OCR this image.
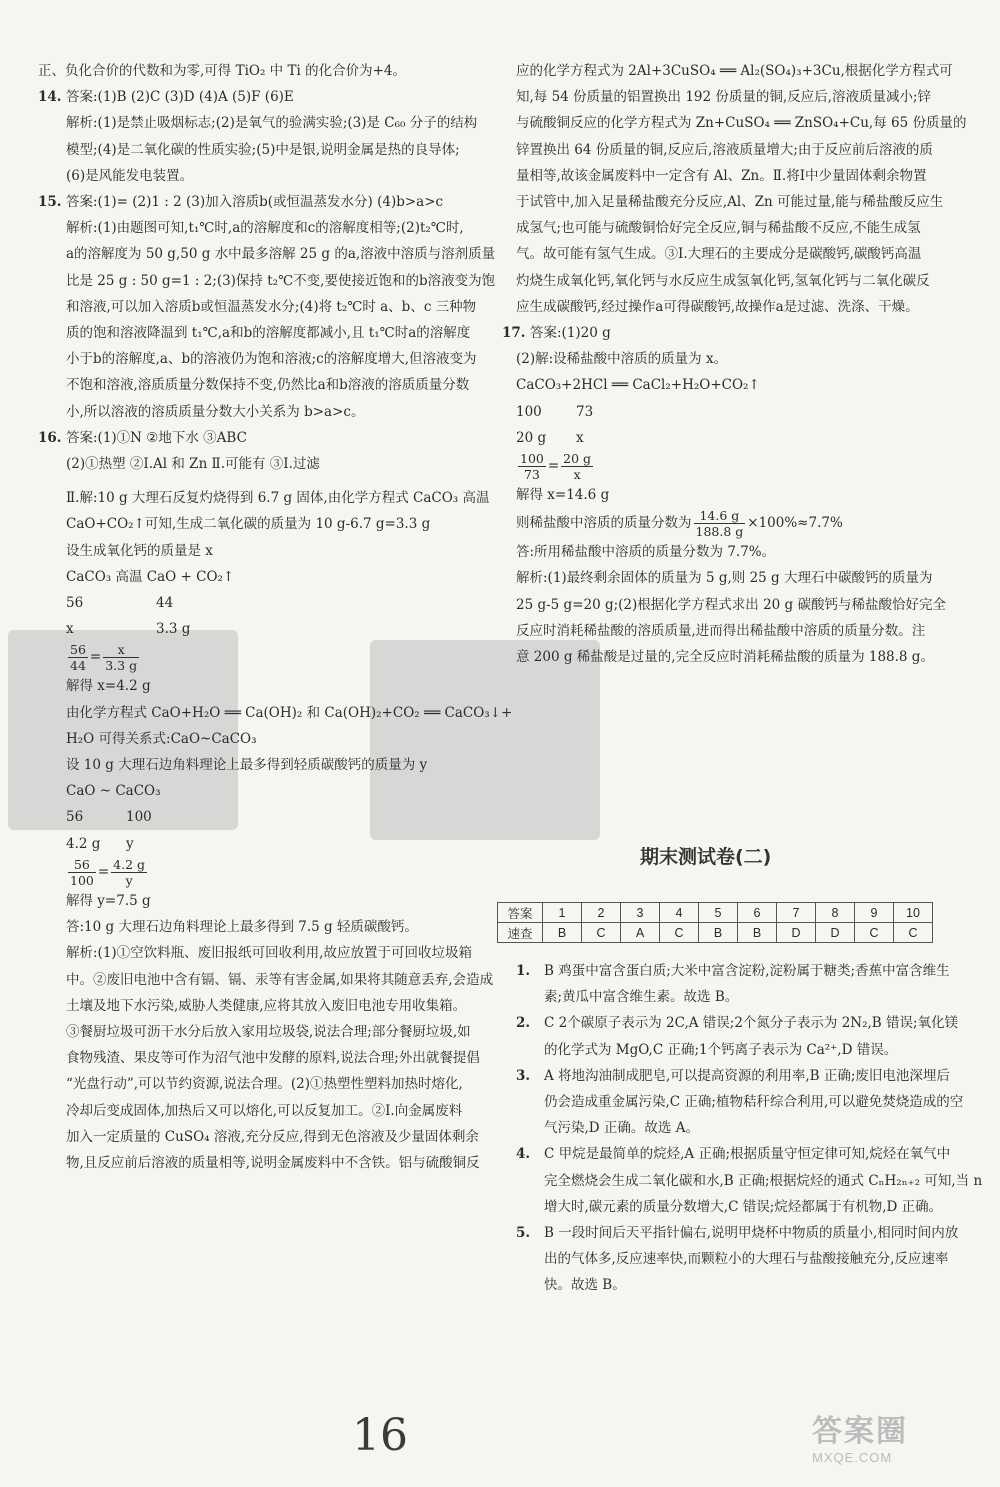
正、负化合价的代数和为零,可得 TiO₂ 中 Ti 的化合价为+4。

14. 答案:(1)B (2)C (3)D (4)A (5)F (6)E

解析:(1)是禁止吸烟标志;(2)是氧气的验满实验;(3)是 C₆₀ 分子的结构

模型;(4)是二氧化碳的性质实验;(5)中是银,说明金属是热的良导体;

(6)是风能发电装置。

15. 答案:(1)= (2)1 : 2 (3)加入溶质b(或恒温蒸发水分) (4)b>a>c

解析:(1)由题图可知,t₁℃时,a的溶解度和c的溶解度相等;(2)t₂℃时,

a的溶解度为 50 g,50 g 水中最多溶解 25 g 的a,溶液中溶质与溶剂质量

比是 25 g : 50 g=1 : 2;(3)保持 t₂℃不变,要使接近饱和的b溶液变为饱

和溶液,可以加入溶质b或恒温蒸发水分;(4)将 t₂℃时 a、b、c 三种物

质的饱和溶液降温到 t₁℃,a和b的溶解度都减小,且 t₁℃时a的溶解度

小于b的溶解度,a、b的溶液仍为饱和溶液;c的溶解度增大,但溶液变为

不饱和溶液,溶质质量分数保持不变,仍然比a和b溶液的溶质质量分数

小,所以溶液的溶质质量分数大小关系为 b>a>c。

16. 答案:(1)①N ②地下水 ③ABC

(2)①热塑 ②Ⅰ.Al 和 Zn Ⅱ.可能有 ③Ⅰ.过滤

Ⅱ.解:10 g 大理石反复灼烧得到 6.7 g 固体,由化学方程式 CaCO₃ 高温

CaO+CO₂↑可知,生成二氧化碳的质量为 10 g-6.7 g=3.3 g

设生成氧化钙的质量是 x

CaCO₃ 高温 CaO + CO₂↑

56	44

x	3.3 g

$\frac{56}{44} = \frac{x}{3.3 g}$

解得 x=4.2 g

由化学方程式 CaO+H₂O ══ Ca(OH)₂ 和 Ca(OH)₂+CO₂ ══ CaCO₃↓+

H₂O 可得关系式:CaO~CaCO₃

设 10 g 大理石边角料理论上最多得到轻质碳酸钙的质量为 y

CaO ~ CaCO₃

56	100

4.2 g y

$\frac{56}{100} = \frac{4.2 g}{y}$

解得 y=7.5 g

答:10 g 大理石边角料理论上最多得到 7.5 g 轻质碳酸钙。

解析:(1)①空饮料瓶、废旧报纸可回收利用,故应放置于可回收垃圾箱

中。②废旧电池中含有镉、镉、汞等有害金属,如果将其随意丢弃,会造成

土壤及地下水污染,威胁人类健康,应将其放入废旧电池专用收集箱。

③餐厨垃圾可沥干水分后放入家用垃圾袋,说法合理;部分餐厨垃圾,如

食物残渣、果皮等可作为沼气池中发酵的原料,说法合理;外出就餐提倡

“光盘行动”,可以节约资源,说法合理。(2)①热塑性塑料加热时熔化,

冷却后变成固体,加热后又可以熔化,可以反复加工。②Ⅰ.向金属废料

加入一定质量的 CuSO₄ 溶液,充分反应,得到无色溶液及少量固体剩余

物,且反应前后溶液的质量相等,说明金属废料中不含铁。铝与硫酸铜反

应的化学方程式为 2Al+3CuSO₄ ══ Al₂(SO₄)₃+3Cu,根据化学方程式可

知,每 54 份质量的铝置换出 192 份质量的铜,反应后,溶液质量减小;锌

与硫酸铜反应的化学方程式为 Zn+CuSO₄ ══ ZnSO₄+Cu,每 65 份质量的

锌置换出 64 份质量的铜,反应后,溶液质量增大;由于反应前后溶液的质

量相等,故该金属废料中一定含有 Al、Zn。Ⅱ.将Ⅰ中少量固体剩余物置

于试管中,加入足量稀盐酸充分反应,Al、Zn 可能过量,能与稀盐酸反应生

成氢气;也可能与硫酸铜恰好完全反应,铜与稀盐酸不反应,不能生成氢

气。故可能有氢气生成。③Ⅰ.大理石的主要成分是碳酸钙,碳酸钙高温

灼烧生成氧化钙,氧化钙与水反应生成氢氧化钙,氢氧化钙与二氧化碳反

应生成碳酸钙,经过操作a可得碳酸钙,故操作a是过滤、洗涤、干燥。

17. 答案:(1)20 g

(2)解:设稀盐酸中溶质的质量为 x。

CaCO₃+2HCl ══ CaCl₂+H₂O+CO₂↑

100	73

20 g x

$\frac{100}{73} = \frac{20 g}{x}$

解得 x=14.6 g

则稀盐酸中溶质的质量分数为 $\frac{14.6 g}{188.8 g} \times 100\%\approx 7.7\%$

答:所用稀盐酸中溶质的质量分数为 7.7%。

解析:(1)最终剩余固体的质量为 5 g,则 25 g 大理石中碳酸钙的质量为

25 g-5 g=20 g;(2)根据化学方程式求出 20 g 碳酸钙与稀盐酸恰好完全

反应时消耗稀盐酸的溶质质量,进而得出稀盐酸中溶质的质量分数。注

意 200 g 稀盐酸是过量的,完全反应时消耗稀盐酸的质量为 188.8 g。

期末测试卷(二)
答案	1	2	3	4	5	6	7	8	9	10
速查	B	C	A	C	B	B	D	D	C	C

1. B 鸡蛋中富含蛋白质;大米中富含淀粉,淀粉属于糖类;香蕉中富含维生

素;黄瓜中富含维生素。故选 B。

2. C 2个碳原子表示为 2C,A 错误;2个氮分子表示为 2N₂,B 错误;氧化镁

的化学式为 MgO,C 正确;1个钙离子表示为 Ca²⁺,D 错误。

3. A 将地沟油制成肥皂,可以提高资源的利用率,B 正确;废旧电池深埋后

仍会造成重金属污染,C 正确;植物秸秆综合利用,可以避免焚烧造成的空

气污染,D 正确。故选 A。

4. C 甲烷是最简单的烷烃,A 正确;根据质量守恒定律可知,烷烃在氧气中

完全燃烧会生成二氧化碳和水,B 正确;根据烷烃的通式 CₙH₂ₙ₊₂ 可知,当 n

增大时,碳元素的质量分数增大,C 错误;烷烃都属于有机物,D 正确。

5. B 一段时间后天平指针偏右,说明甲烧杯中物质的质量小,相同时间内放

出的气体多,反应速率快,而颗粒小的大理石与盐酸接触充分,反应速率

快。故选 B。

16	答案圈
MXQE.COM
